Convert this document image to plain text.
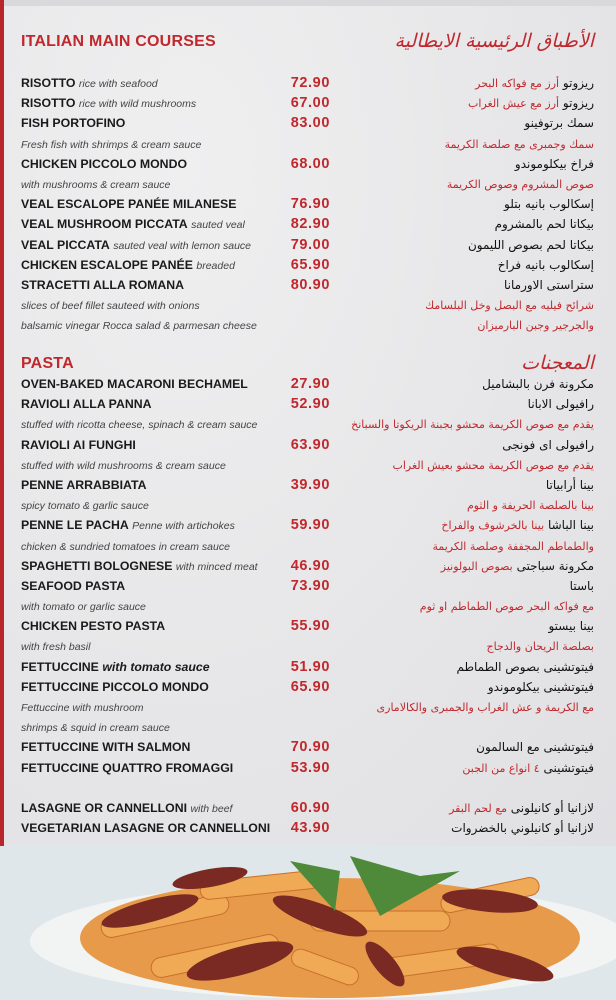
ITALIAN MAIN COURSES	الأطباق الرئيسية الايطالية
RISOTTO rice with seafood	72.90	ريزوتو أرز مع فواكه البحر
RISOTTO rice with wild mushrooms	67.00	ريزوتو أرز مع عيش الغراب
FISH PORTOFINO	83.00	سمك برتوفينو
Fresh fish with shrimps & cream sauce	سمك وجمبرى مع صلصة الكريمة
CHICKEN PICCOLO MONDO	68.00	فراخ بيكلوموندو
with mushrooms & cream sauce	صوص المشروم وصوص الكريمة
VEAL ESCALOPE PANÉE MILANESE	76.90	إسكالوب بانيه بتلو
VEAL MUSHROOM PICCATA sauted veal	82.90	بيكاتا لحم بالمشروم
VEAL PICCATA sauted veal with lemon sauce	79.00	بيكاتا لحم بصوص الليمون
CHICKEN ESCALOPE PANÉE breaded	65.90	إسكالوب بانيه فراخ
STRACETTI ALLA ROMANA	80.90	ستراستى الاورمانا
slices of beef fillet sauteed with onions	شرائح فيليه مع البصل وخل البلسامك
balsamic vinegar Rocca salad & parmesan cheese	والجرجير وجبن البارميزان
PASTA	المعجنات
OVEN-BAKED MACARONI BECHAMEL	27.90	مكرونة فرن بالبشاميل
RAVIOLI ALLA PANNA	52.90	رافيولى الابانا
stuffed with ricotta cheese, spinach & cream sauce	يقدم مع صوص الكريمة محشو بجبنة الريكوتا والسبانخ
RAVIOLI AI FUNGHI	63.90	رافيولى اى فونجى
stuffed with wild mushrooms & cream sauce	يقدم مع صوص الكريمة محشو بعيش الغراب
PENNE ARRABBIATA	39.90	بينا أرابياتا
spicy tomato & garlic sauce	بينا بالصلصة الحريفة و الثوم
PENNE LE PACHA Penne with artichokes	59.90	بينا الباشا بينا بالخرشوف والفراخ
chicken & sundried tomatoes in cream sauce	والطماطم المجففة وصلصة الكريمة
SPAGHETTI BOLOGNESE with minced meat 46.90	مكرونة سباجتى بصوص البولونيز
SEAFOOD PASTA	73.90	باستا
with tomato or garlic sauce	مع فواكه البحر صوص الطماطم او ثوم
CHICKEN PESTO PASTA	55.90	بينا بيستو
with fresh basil	بصلصة الريحان والدجاج
FETTUCCINE with tomato sauce	51.90	فيتوتشينى بصوص الطماطم
FETTUCCINE PICCOLO MONDO	65.90	فيتوتشينى بيكلوموندو
Fettuccine with mushroom	مع الكريمة و عش الغراب والجمبرى والكالامارى
shrimps & squid in cream sauce
FETTUCCINE WITH SALMON	70.90	فيتوتشينى مع السالمون
FETTUCCINE QUATTRO FROMAGGI	53.90	فيتوتشينى ٤ انواع من الجبن
LASAGNE OR CANNELLONI with beef	60.90	لازانيا أو كانيلونى مع لحم البقر
VEGETARIAN LASAGNE OR CANNELLONI 43.90	لازانيا أو كانيلوني بالخضروات
